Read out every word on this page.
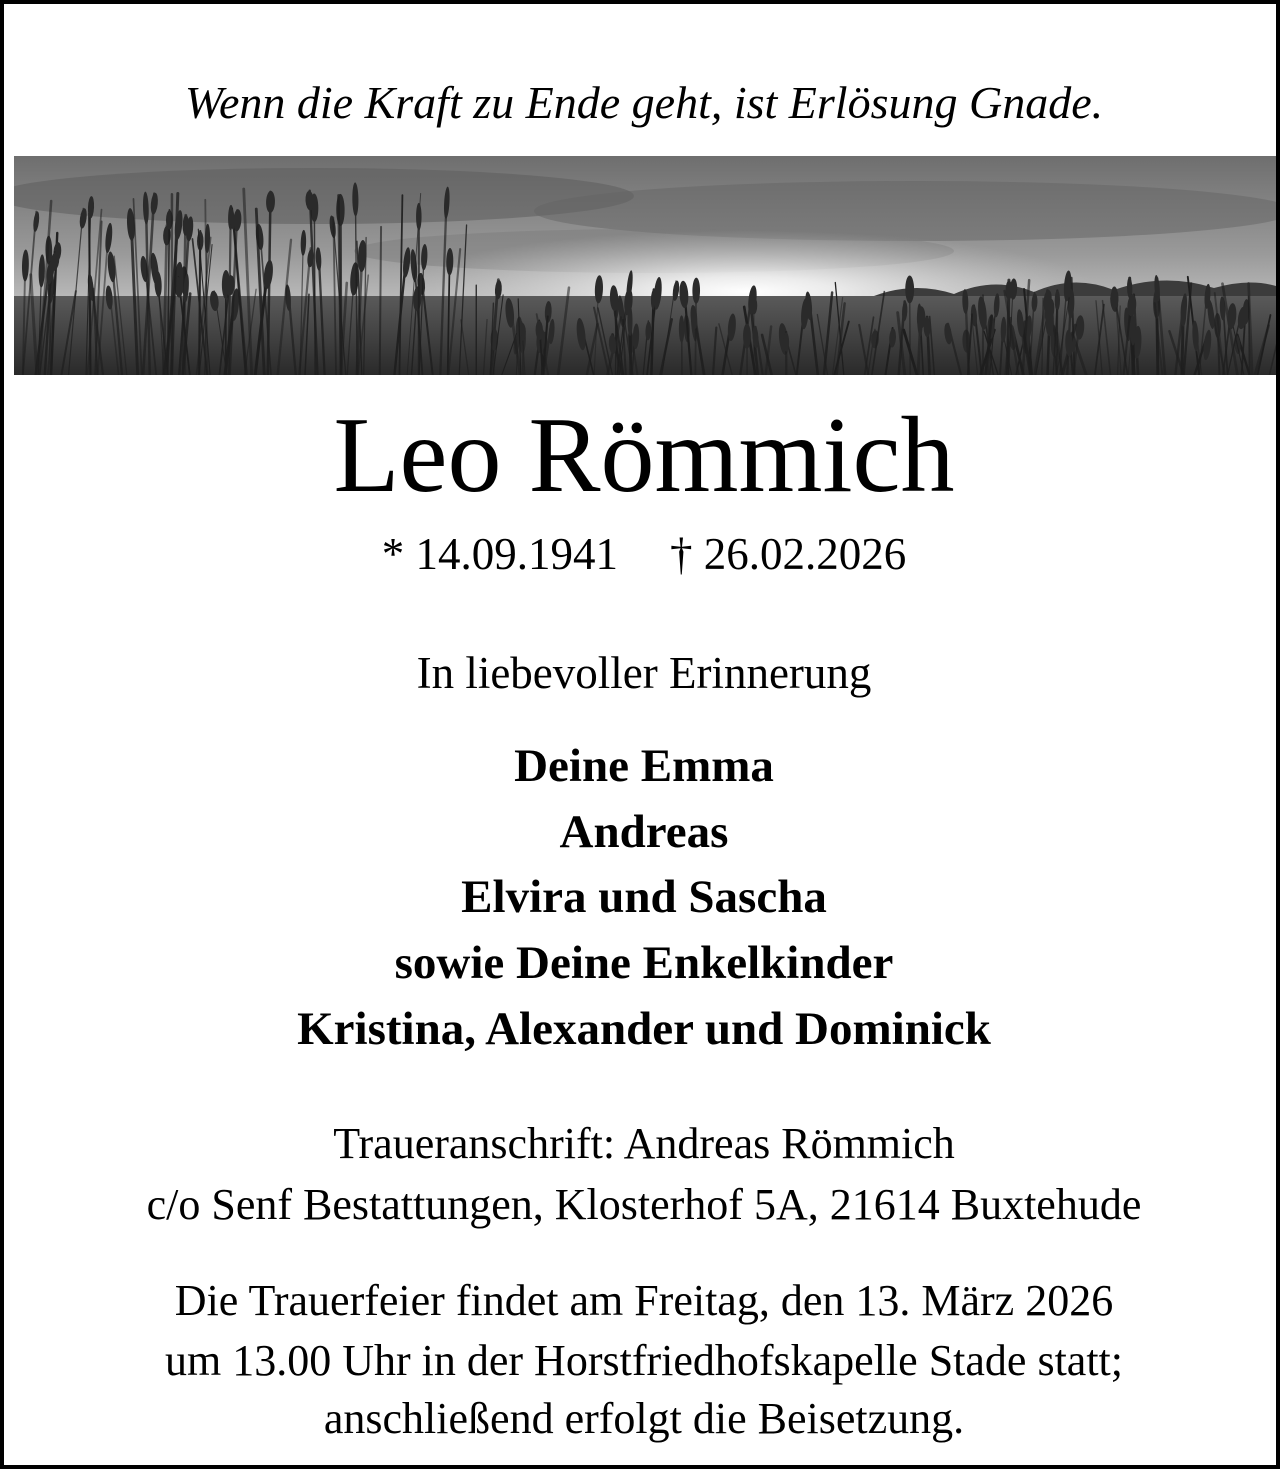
Wenn die Kraft zu Ende geht, ist Erlösung Gnade.
Leo Römmich
* 14.09.1941 † 26.02.2026
In liebevoller Erinnerung
Deine Emma
Andreas
Elvira und Sascha
sowie Deine Enkelkinder
Kristina, Alexander und Dominick
Traueranschrift: Andreas Römmich
c/o Senf Bestattungen, Klosterhof 5A, 21614 Buxtehude
Die Trauerfeier findet am Freitag, den 13. März 2026
um 13.00 Uhr in der Horstfriedhofskapelle Stade statt;
anschließend erfolgt die Beisetzung.
